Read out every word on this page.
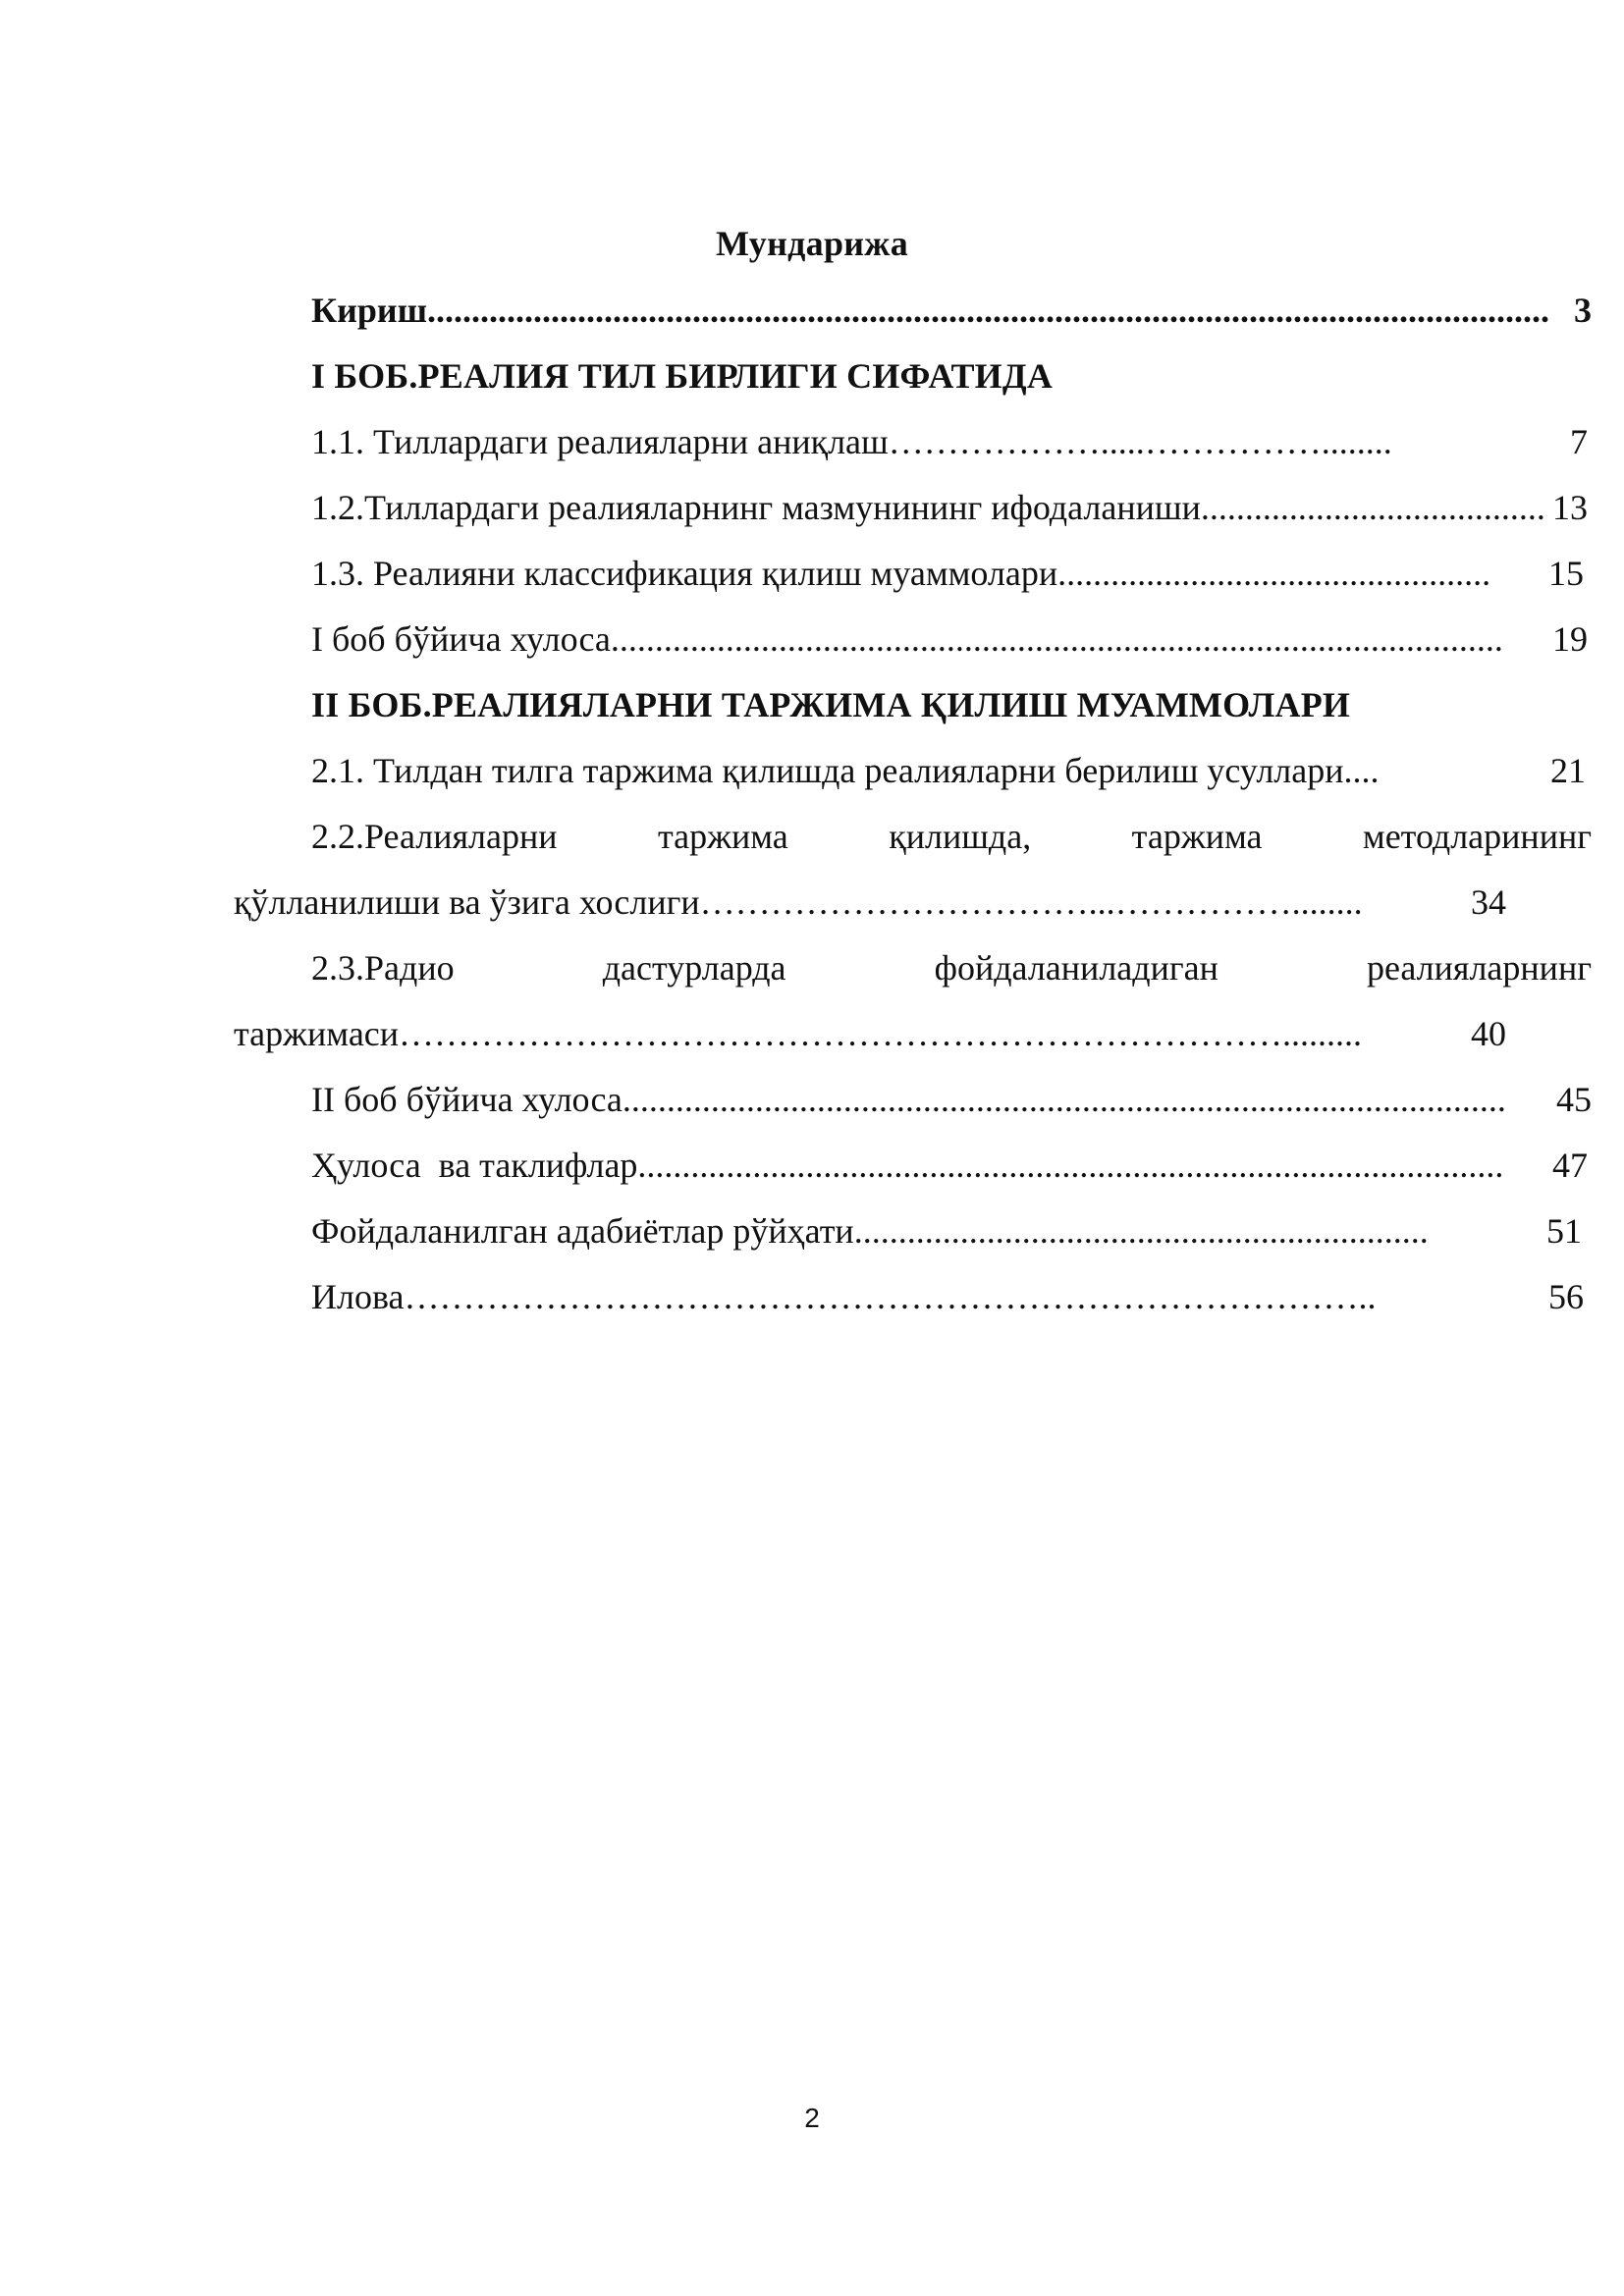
Мундарижа
Кириш ............................................................................................................................... 3
I БОБ.РЕАЛИЯ ТИЛ БИРЛИГИ СИФАТИДА
1.1. Тиллардаги реалияларни аниқлаш ……………….....……………........	7
1.2.Тиллардаги реалияларнинг мазмунининг ифодаланиши ....................................... 13
1.3. Реалияни классификация қилиш муаммолари .................................................	15
I боб бўйича хулоса .....................................................................................................	19
II БОБ.РЕАЛИЯЛАРНИ ТАРЖИМА ҚИЛИШ МУАММОЛАРИ
2.1. Тилдан тилга таржима қилишда реалияларни берилиш усуллари ....	21
2.2.Реалияларни	таржима	қилишда,	таржима	методларининг
қўлланилиши ва ўзига хослиги ……………………………...……………........	34
2.3.Радио	дастурларда	фойдаланиладиган	реалияларнинг
таржимаси ………………………………………………………………….........	40
II боб бўйича хулоса ....................................................................................................	45
Ҳулоса  ва таклифлар ..................................................................................................	47
Фойдаланилган адабиётлар рўйҳати .................................................................	51
Илова ………………………………………………………………………..	56
2
